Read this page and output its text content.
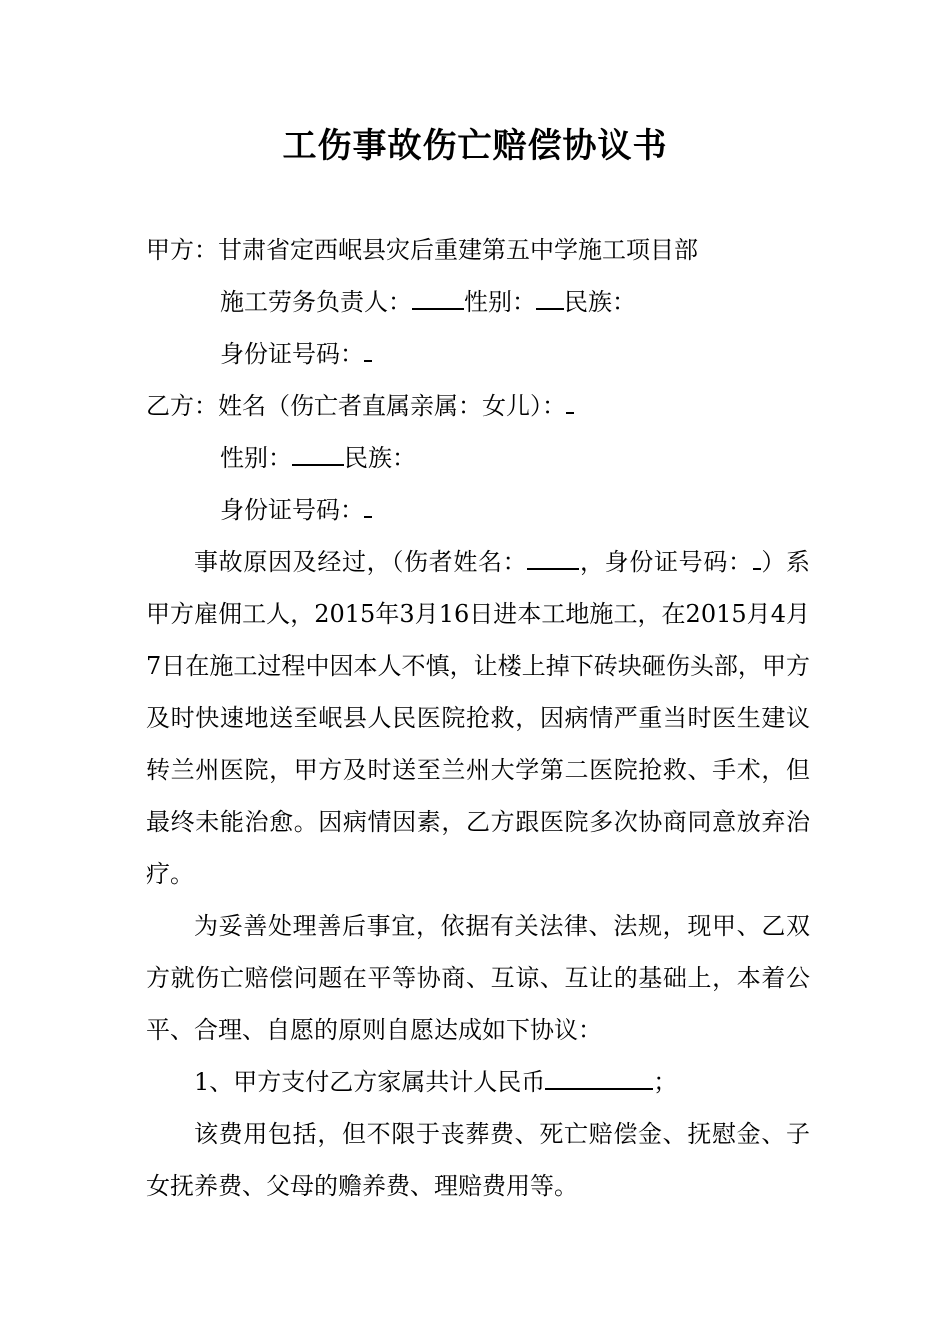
工伤事故伤亡赔偿协议书
甲方：甘肃省定西岷县灾后重建第五中学施工项目部
施工劳务负责人： 性别： 民族：
身份证号码：
乙方：姓名（伤亡者直属亲属：女儿）：
性别： 民族：
身份证号码：

事故原因及经过，（伤者姓名： ，身份证号码： ）系甲方雇佣工人，2015年3月16日进本工地施工，在2015月4月7日在施工过程中因本人不慎，让楼上掉下砖块砸伤头部，甲方及时快速地送至岷县人民医院抢救，因病情严重当时医生建议转兰州医院，甲方及时送至兰州大学第二医院抢救、手术，但最终未能治愈。因病情因素，乙方跟医院多次协商同意放弃治疗。

为妥善处理善后事宜，依据有关法律、法规，现甲、乙双方就伤亡赔偿问题在平等协商、互谅、互让的基础上，本着公平、合理、自愿的原则自愿达成如下协议：

1、甲方支付乙方家属共计人民币	；

该费用包括，但不限于丧葬费、死亡赔偿金、抚慰金、子女抚养费、父母的赡养费、理赔费用等。
